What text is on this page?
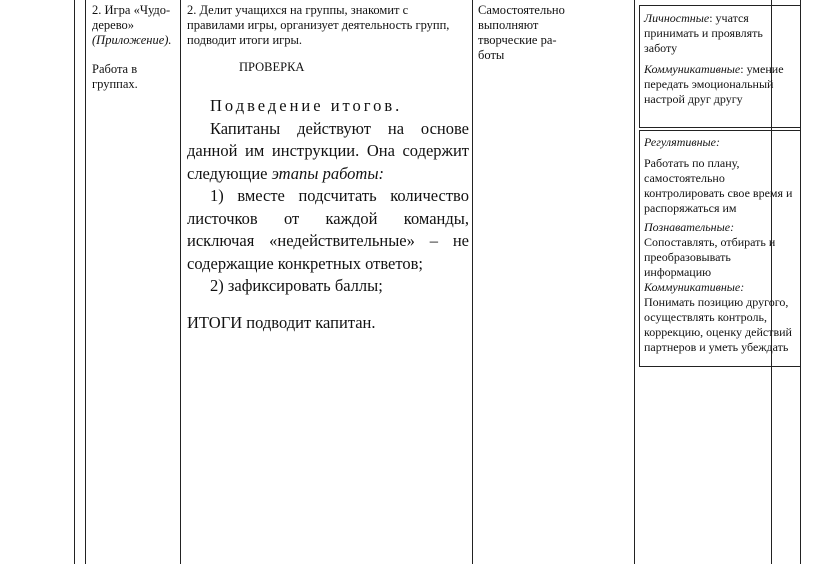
2. Игра «Чудо-

дерево»

(Приложение).

Работа в

группах.

2. Делит учащихся на группы, знакомит с

правилами игры, организует деятельность групп,

подводит итоги игры.

ПРОВЕРКА

Подведение итогов.

Капитаны действуют на основе

данной им инструкции. Она содержит

следующие этапы работы:

1) вместе подсчитать количество

листочков от каждой команды,

исключая «недействительные» – не

содержащие конкретных ответов;

2) зафиксировать баллы;

ИТОГИ подводит капитан.

Самостоятельно

выполняют

творческие ра-

боты

Личностные: учатся

принимать и проявлять

заботу

Коммуникативные: умение

передать эмоциональный

настрой друг другу

Регулятивные:

Работать по плану,

самостоятельно

контролировать свое время и

распоряжаться им

Познавательные:

Сопоставлять, отбирать и

преобразовывать

информацию

Коммуникативные:

Понимать позицию другого,

осуществлять контроль,

коррекцию, оценку действий

партнеров и уметь убеждать
